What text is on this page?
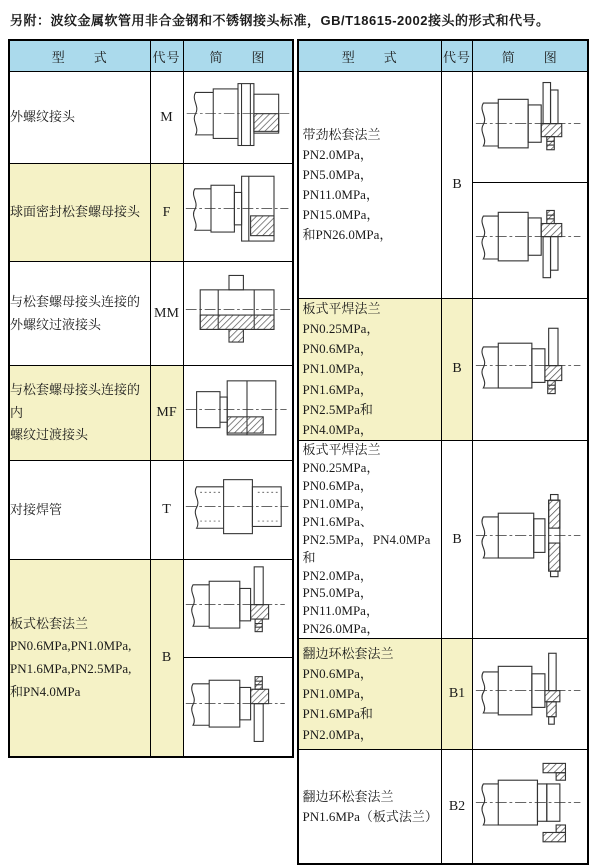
另附：波纹金属软管用非合金钢和不锈钢接头标准，GB/T18615-2002接头的形式和代号。
型　　式	代号	简　　图
外螺纹接头	M	
球面密封松套螺母接头	F	
与松套螺母接头连接的
外螺纹过液接头	MM	
与松套螺母接头连接的内
螺纹过渡接头	MF	
对接焊管	T	
板式松套法兰
PN0.6MPa,PN1.0MPa,
PN1.6MPa,PN2.5MPa,
和PN4.0MPa	B	

型　　式	代号	简　　图
带劲松套法兰
PN2.0MPa，PN5.0MPa，
PN11.0MPa，PN15.0MPa，
和PN26.0MPa，	B	

板式平焊法兰
PN0.25MPa，PN0.6MPa，
PN1.0MPa，PN1.6MPa，
PN2.5MPa和PN4.0MPa，	B	
板式平焊法兰
PN0.25MPa，PN0.6MPa，
PN1.0MPa，PN1.6MPa、
PN2.5MPa，PN4.0MPa和
PN2.0MPa，PN5.0MPa，
PN11.0MPa，PN26.0MPa，	B	
翻边环松套法兰
PN0.6MPa，PN1.0MPa，
PN1.6MPa和PN2.0MPa，	B1	
翻边环松套法兰
PN1.6MPa（板式法兰）	B2	
